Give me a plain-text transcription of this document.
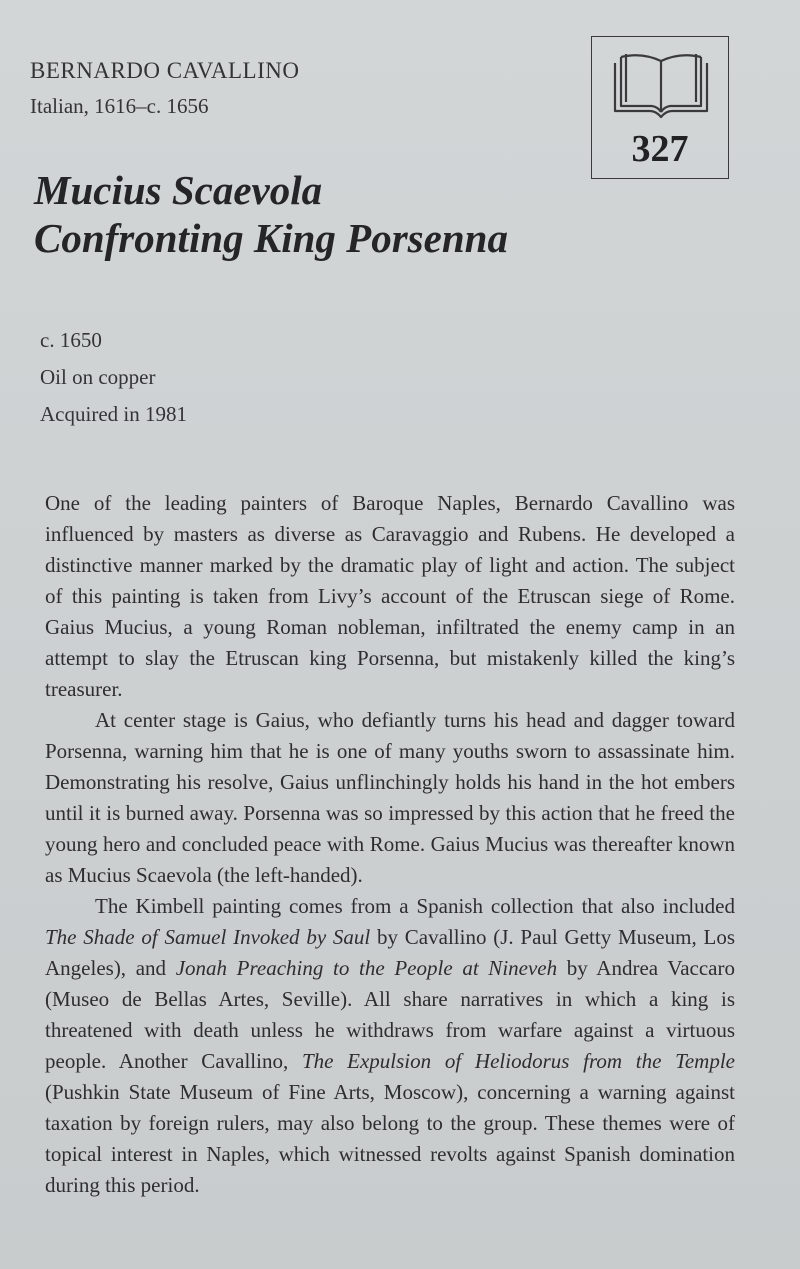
BERNARDO CAVALLINO
Italian, 1616–c. 1656
327
Mucius Scaevola
Confronting King Porsenna
c. 1650
Oil on copper
Acquired in 1981

One of the leading painters of Baroque Naples, Bernardo Cavallino was influenced by masters as diverse as Caravaggio and Rubens. He developed a distinctive manner marked by the dramatic play of light and action. The subject of this painting is taken from Livy’s account of the Etruscan siege of Rome. Gaius Mucius, a young Roman nobleman, infiltrated the enemy camp in an attempt to slay the Etruscan king Porsenna, but mistakenly killed the king’s treasurer.

At center stage is Gaius, who defiantly turns his head and dagger toward Porsenna, warning him that he is one of many youths sworn to assassinate him. Demonstrating his resolve, Gaius unflinchingly holds his hand in the hot embers until it is burned away. Porsenna was so impressed by this action that he freed the young hero and concluded peace with Rome. Gaius Mucius was thereafter known as Mucius Scaevola (the left-handed).

The Kimbell painting comes from a Spanish collection that also included The Shade of Samuel Invoked by Saul by Cavallino (J. Paul Getty Museum, Los Angeles), and Jonah Preaching to the People at Nineveh by Andrea Vaccaro (Museo de Bellas Artes, Seville). All share narratives in which a king is threatened with death unless he withdraws from warfare against a virtuous people. Another Cavallino, The Expulsion of Heliodorus from the Temple (Pushkin State Museum of Fine Arts, Moscow), concerning a warning against taxation by foreign rulers, may also belong to the group. These themes were of topical interest in Naples, which witnessed revolts against Spanish domination during this period.
